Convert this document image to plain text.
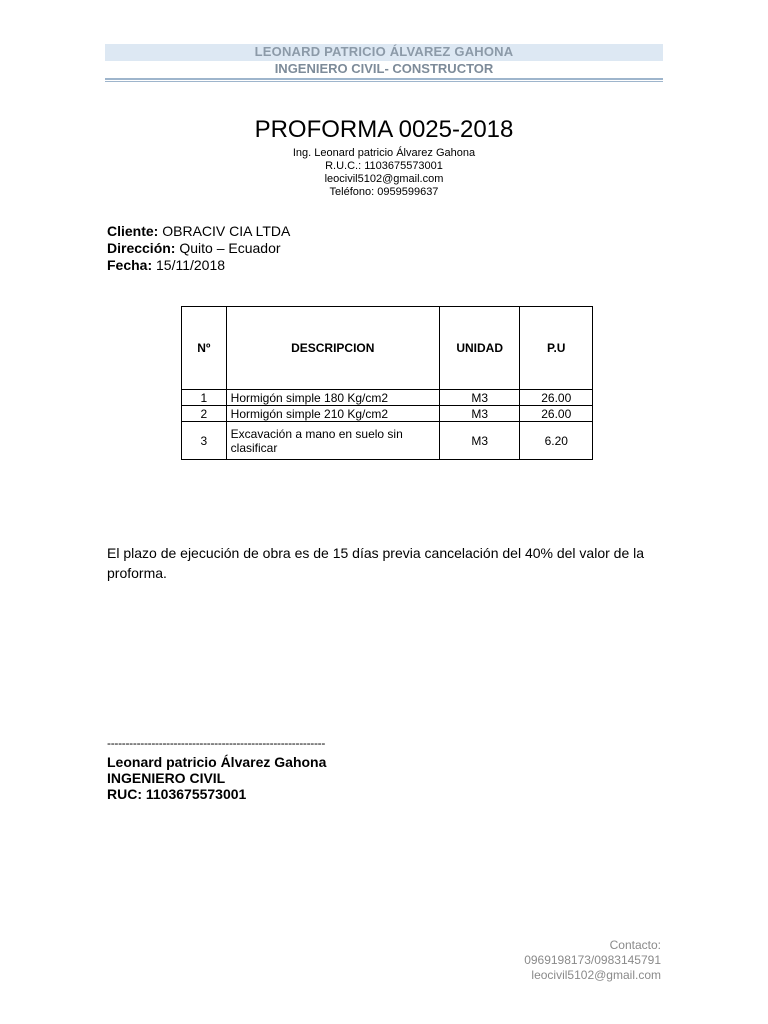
LEONARD PATRICIO ÁLVAREZ GAHONA
INGENIERO CIVIL- CONSTRUCTOR
PROFORMA 0025-2018
Ing. Leonard patricio Álvarez Gahona
R.U.C.: 1103675573001
leocivil5102@gmail.com
Teléfono: 0959599637
Cliente: OBRACIV CIA LTDA
Dirección: Quito – Ecuador
Fecha: 15/11/2018
Nº	DESCRIPCION	UNIDAD	P.U
1	Hormigón simple 180 Kg/cm2	M3	26.00
2	Hormigón simple 210 Kg/cm2	M3	26.00
3	Excavación a mano en suelo sin clasificar	M3	6.20
El plazo de ejecución de obra es de 15 días previa cancelación del 40% del valor de la proforma.
-----------------------------------------------------------
Leonard patricio Álvarez Gahona
INGENIERO CIVIL
RUC: 1103675573001
Contacto:
0969198173/0983145791
leocivil5102@gmail.com
